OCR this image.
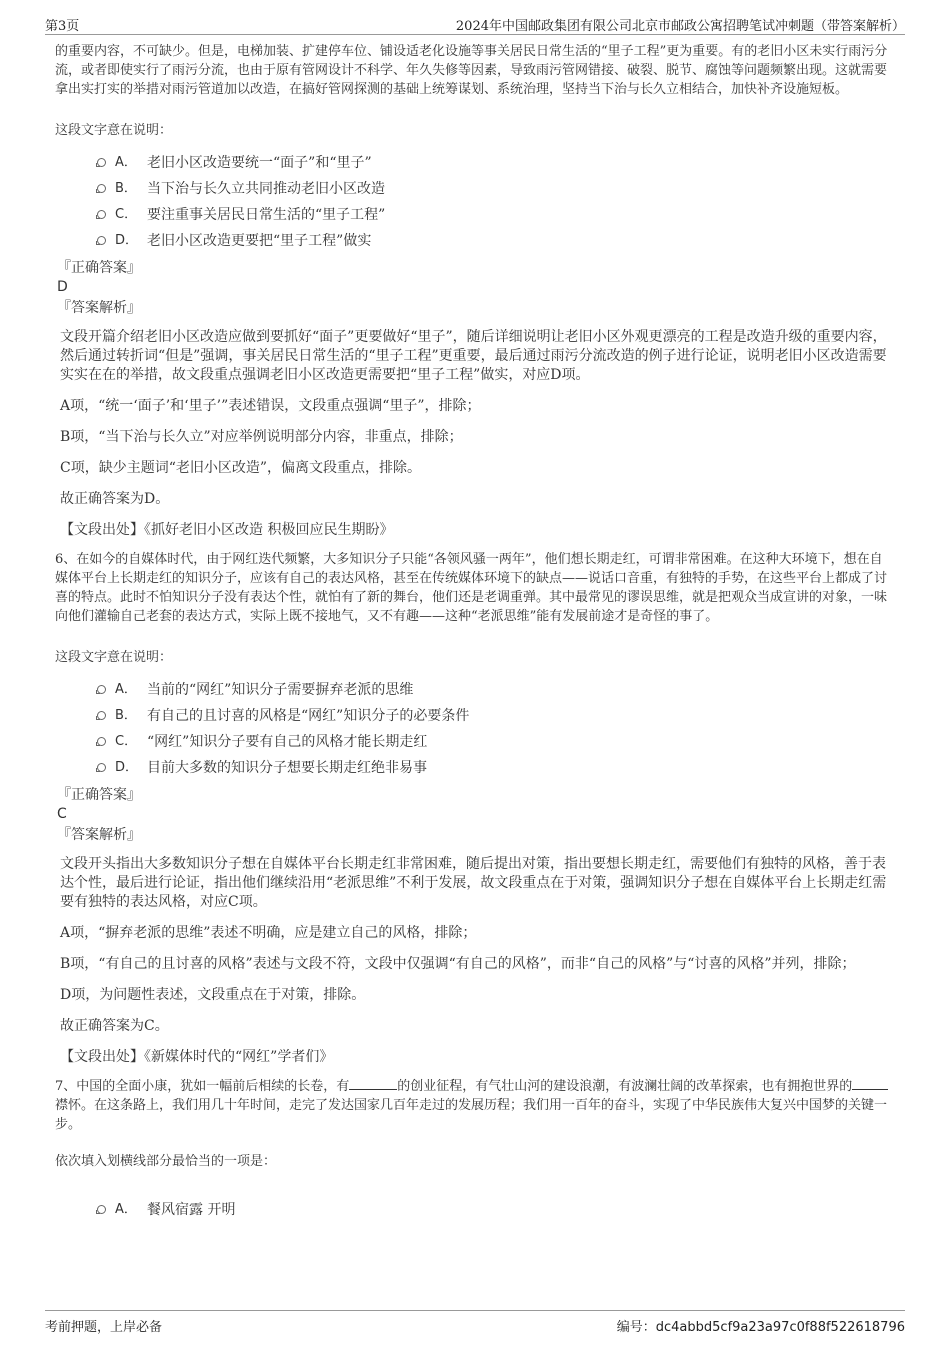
第3页	2024年中国邮政集团有限公司北京市邮政公寓招聘笔试冲刺题（带答案解析）

的重要内容，不可缺少。但是，电梯加装、扩建停车位、铺设适老化设施等事关居民日常生活的“里子工程”更为重要。有的老旧小区未实行雨污分流，或者即使实行了雨污分流，也由于原有管网设计不科学、年久失修等因素，导致雨污管网错接、破裂、脱节、腐蚀等问题频繁出现。这就需要拿出实打实的举措对雨污管道加以改造，在搞好管网探测的基础上统筹谋划、系统治理，坚持当下治与长久立相结合，加快补齐设施短板。

这段文字意在说明：

A． 老旧小区改造要统一“面子”和“里子”
B． 当下治与长久立共同推动老旧小区改造
C． 要注重事关居民日常生活的“里子工程”
D． 老旧小区改造更要把“里子工程”做实

『正确答案』

D

『答案解析』

文段开篇介绍老旧小区改造应做到要抓好“面子”更要做好“里子”，随后详细说明让老旧小区外观更漂亮的工程是改造升级的重要内容，然后通过转折词“但是”强调，事关居民日常生活的“里子工程”更重要，最后通过雨污分流改造的例子进行论证，说明老旧小区改造需要实实在在的举措，故文段重点强调老旧小区改造更需要把“里子工程”做实，对应D项。

A项，“统一‘面子’和‘里子’”表述错误，文段重点强调“里子”，排除；

B项，“当下治与长久立”对应举例说明部分内容，非重点，排除；

C项，缺少主题词“老旧小区改造”，偏离文段重点，排除。

故正确答案为D。

【文段出处】《抓好老旧小区改造 积极回应民生期盼》

6、在如今的自媒体时代，由于网红迭代频繁，大多知识分子只能“各领风骚一两年”，他们想长期走红，可谓非常困难。在这种大环境下，想在自媒体平台上长期走红的知识分子，应该有自己的表达风格，甚至在传统媒体环境下的缺点——说话口音重，有独特的手势，在这些平台上都成了讨喜的特点。此时不怕知识分子没有表达个性，就怕有了新的舞台，他们还是老调重弹。其中最常见的谬误思维，就是把观众当成宣讲的对象，一味向他们灌输自己老套的表达方式，实际上既不接地气，又不有趣——这种“老派思维”能有发展前途才是奇怪的事了。

这段文字意在说明：

A． 当前的“网红”知识分子需要摒弃老派的思维
B． 有自己的且讨喜的风格是“网红”知识分子的必要条件
C． “网红”知识分子要有自己的风格才能长期走红
D． 目前大多数的知识分子想要长期走红绝非易事

『正确答案』

C

『答案解析』

文段开头指出大多数知识分子想在自媒体平台长期走红非常困难，随后提出对策，指出要想长期走红，需要他们有独特的风格，善于表达个性，最后进行论证，指出他们继续沿用“老派思维”不利于发展，故文段重点在于对策，强调知识分子想在自媒体平台上长期走红需要有独特的表达风格，对应C项。

A项，“摒弃老派的思维”表述不明确，应是建立自己的风格，排除；

B项，“有自己的且讨喜的风格”表述与文段不符，文段中仅强调“有自己的风格”，而非“自己的风格”与“讨喜的风格”并列，排除；

D项，为问题性表述，文段重点在于对策，排除。

故正确答案为C。

【文段出处】《新媒体时代的“网红”学者们》

7、中国的全面小康，犹如一幅前后相续的长卷，有	的创业征程，有气壮山河的建设浪潮，有波澜壮阔的改革探索，也有拥抱世界的襟怀。在这条路上，我们用几十年时间，走完了发达国家几百年走过的发展历程；我们用一百年的奋斗，实现了中华民族伟大复兴中国梦的关键一步。

依次填入划横线部分最恰当的一项是：

A． 餐风宿露 开明
考前押题，上岸必备	编号：dc4abbd5cf9a23a97c0f88f522618796
